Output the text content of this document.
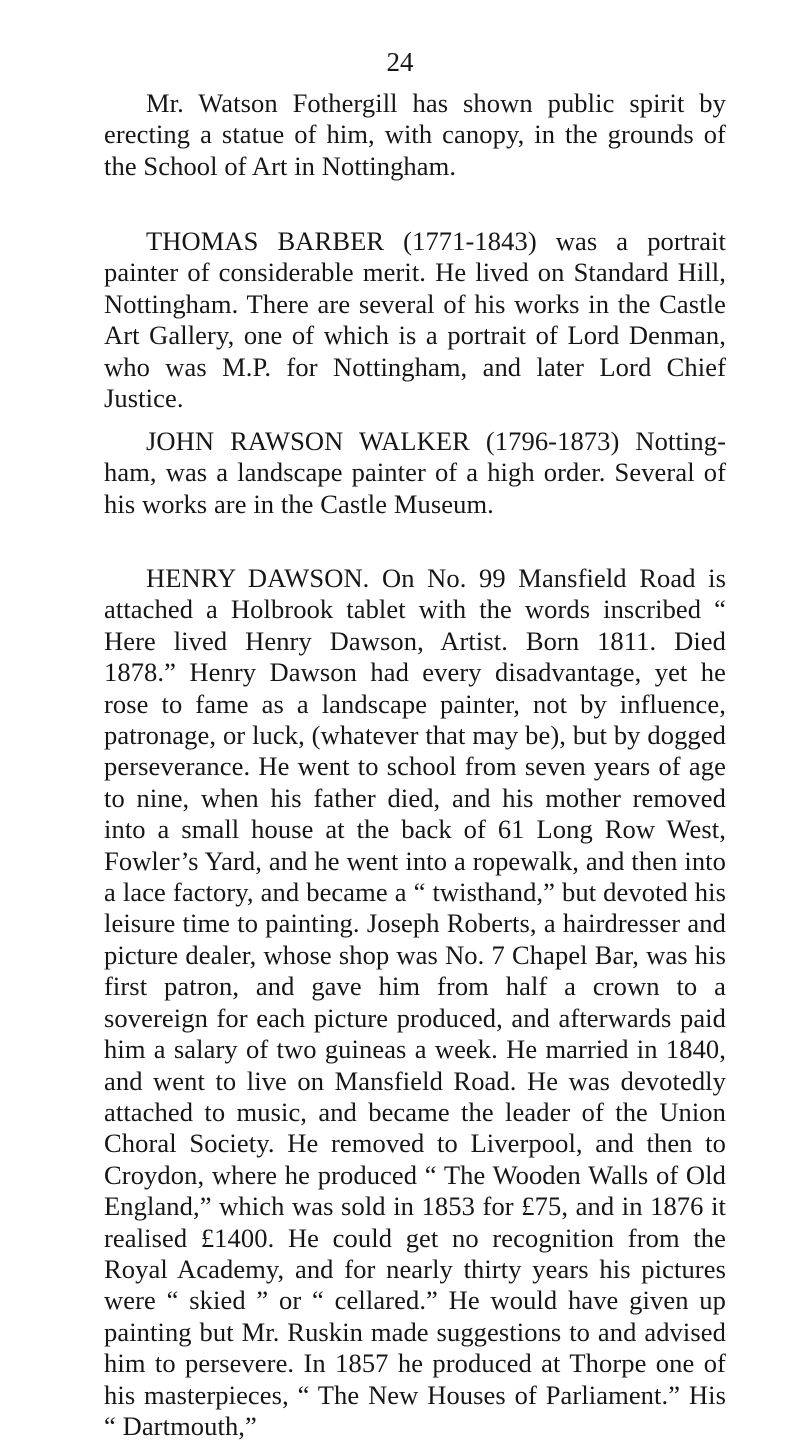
24

Mr. Watson Fothergill has shown public spirit by erecting a statue of him, with canopy, in the grounds of the School of Art in Nottingham.

THOMAS BARBER (1771-1843) was a portrait painter of considerable merit. He lived on Standard Hill, Nottingham. There are several of his works in the Castle Art Gallery, one of which is a portrait of Lord Denman, who was M.P. for Nottingham, and later Lord Chief Justice.

JOHN RAWSON WALKER (1796-1873) Notting-ham, was a landscape painter of a high order. Several of his works are in the Castle Museum.

HENRY DAWSON. On No. 99 Mansfield Road is attached a Holbrook tablet with the words inscribed “ Here lived Henry Dawson, Artist. Born 1811. Died 1878.” Henry Dawson had every disadvantage, yet he rose to fame as a landscape painter, not by influence, patronage, or luck, (whatever that may be), but by dogged perseverance. He went to school from seven years of age to nine, when his father died, and his mother removed into a small house at the back of 61 Long Row West, Fowler’s Yard, and he went into a ropewalk, and then into a lace factory, and became a “ twisthand,” but devoted his leisure time to painting. Joseph Roberts, a hairdresser and picture dealer, whose shop was No. 7 Chapel Bar, was his first patron, and gave him from half a crown to a sovereign for each picture produced, and afterwards paid him a salary of two guineas a week. He married in 1840, and went to live on Mansfield Road. He was devotedly attached to music, and became the leader of the Union Choral Society. He removed to Liverpool, and then to Croydon, where he produced “ The Wooden Walls of Old England,” which was sold in 1853 for £75, and in 1876 it realised £1400. He could get no recognition from the Royal Academy, and for nearly thirty years his pictures were “ skied ” or “ cellared.” He would have given up painting but Mr. Ruskin made suggestions to and advised him to persevere. In 1857 he produced at Thorpe one of his masterpieces, “ The New Houses of Parliament.” His “ Dartmouth,”
